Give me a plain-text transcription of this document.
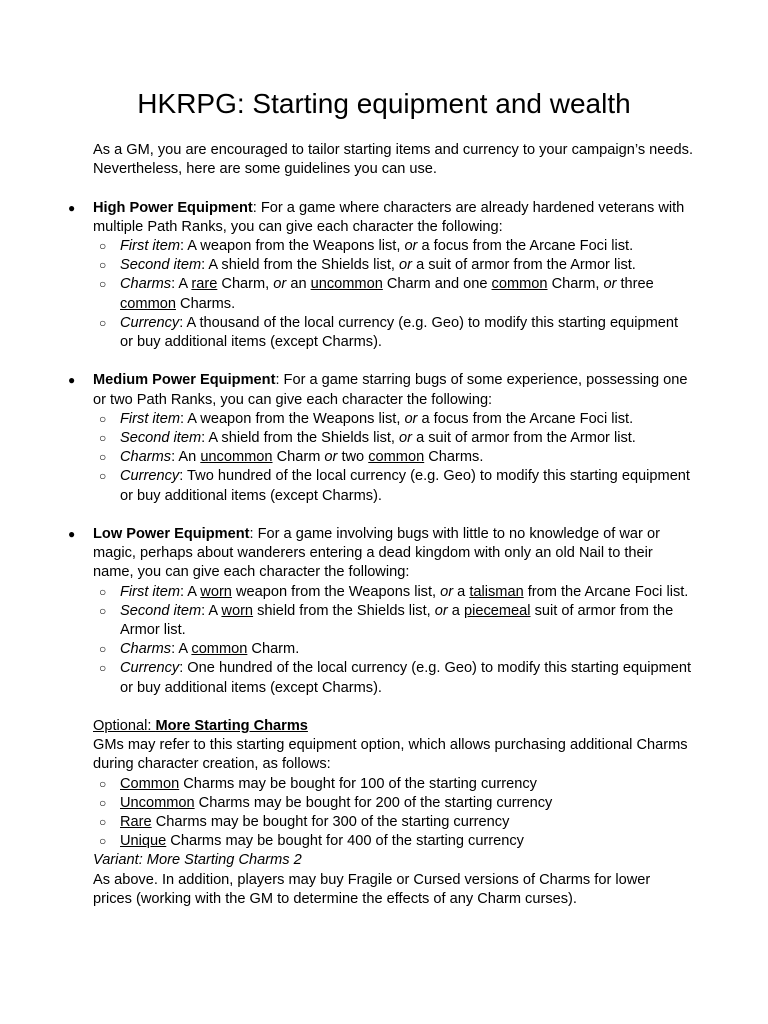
HKRPG: Starting equipment and wealth

As a GM, you are encouraged to tailor starting items and currency to your campaign’s needs. Nevertheless, here are some guidelines you can use.

● High Power Equipment: For a game where characters are already hardened veterans with multiple Path Ranks, you can give each character the following:

○ First item: A weapon from the Weapons list, or a focus from the Arcane Foci list.
○ Second item: A shield from the Shields list, or a suit of armor from the Armor list.
○ Charms: A rare Charm, or an uncommon Charm and one common Charm, or three common Charms.
○ Currency: A thousand of the local currency (e.g. Geo) to modify this starting equipment or buy additional items (except Charms).
● Medium Power Equipment: For a game starring bugs of some experience, possessing one or two Path Ranks, you can give each character the following:

○ First item: A weapon from the Weapons list, or a focus from the Arcane Foci list.
○ Second item: A shield from the Shields list, or a suit of armor from the Armor list.
○ Charms: An uncommon Charm or two common Charms.
○ Currency: Two hundred of the local currency (e.g. Geo) to modify this starting equipment or buy additional items (except Charms).
● Low Power Equipment: For a game involving bugs with little to no knowledge of war or magic, perhaps about wanderers entering a dead kingdom with only an old Nail to their name, you can give each character the following:

○ First item: A worn weapon from the Weapons list, or a talisman from the Arcane Foci list.
○ Second item: A worn shield from the Shields list, or a piecemeal suit of armor from the Armor list.
○ Charms: A common Charm.
○ Currency: One hundred of the local currency (e.g. Geo) to modify this starting equipment or buy additional items (except Charms).

Optional: More Starting Charms

GMs may refer to this starting equipment option, which allows purchasing additional Charms during character creation, as follows:

○ Common Charms may be bought for 100 of the starting currency
○ Uncommon Charms may be bought for 200 of the starting currency
○ Rare Charms may be bought for 300 of the starting currency
○ Unique Charms may be bought for 400 of the starting currency

Variant: More Starting Charms 2

As above. In addition, players may buy Fragile or Cursed versions of Charms for lower prices (working with the GM to determine the effects of any Charm curses).
